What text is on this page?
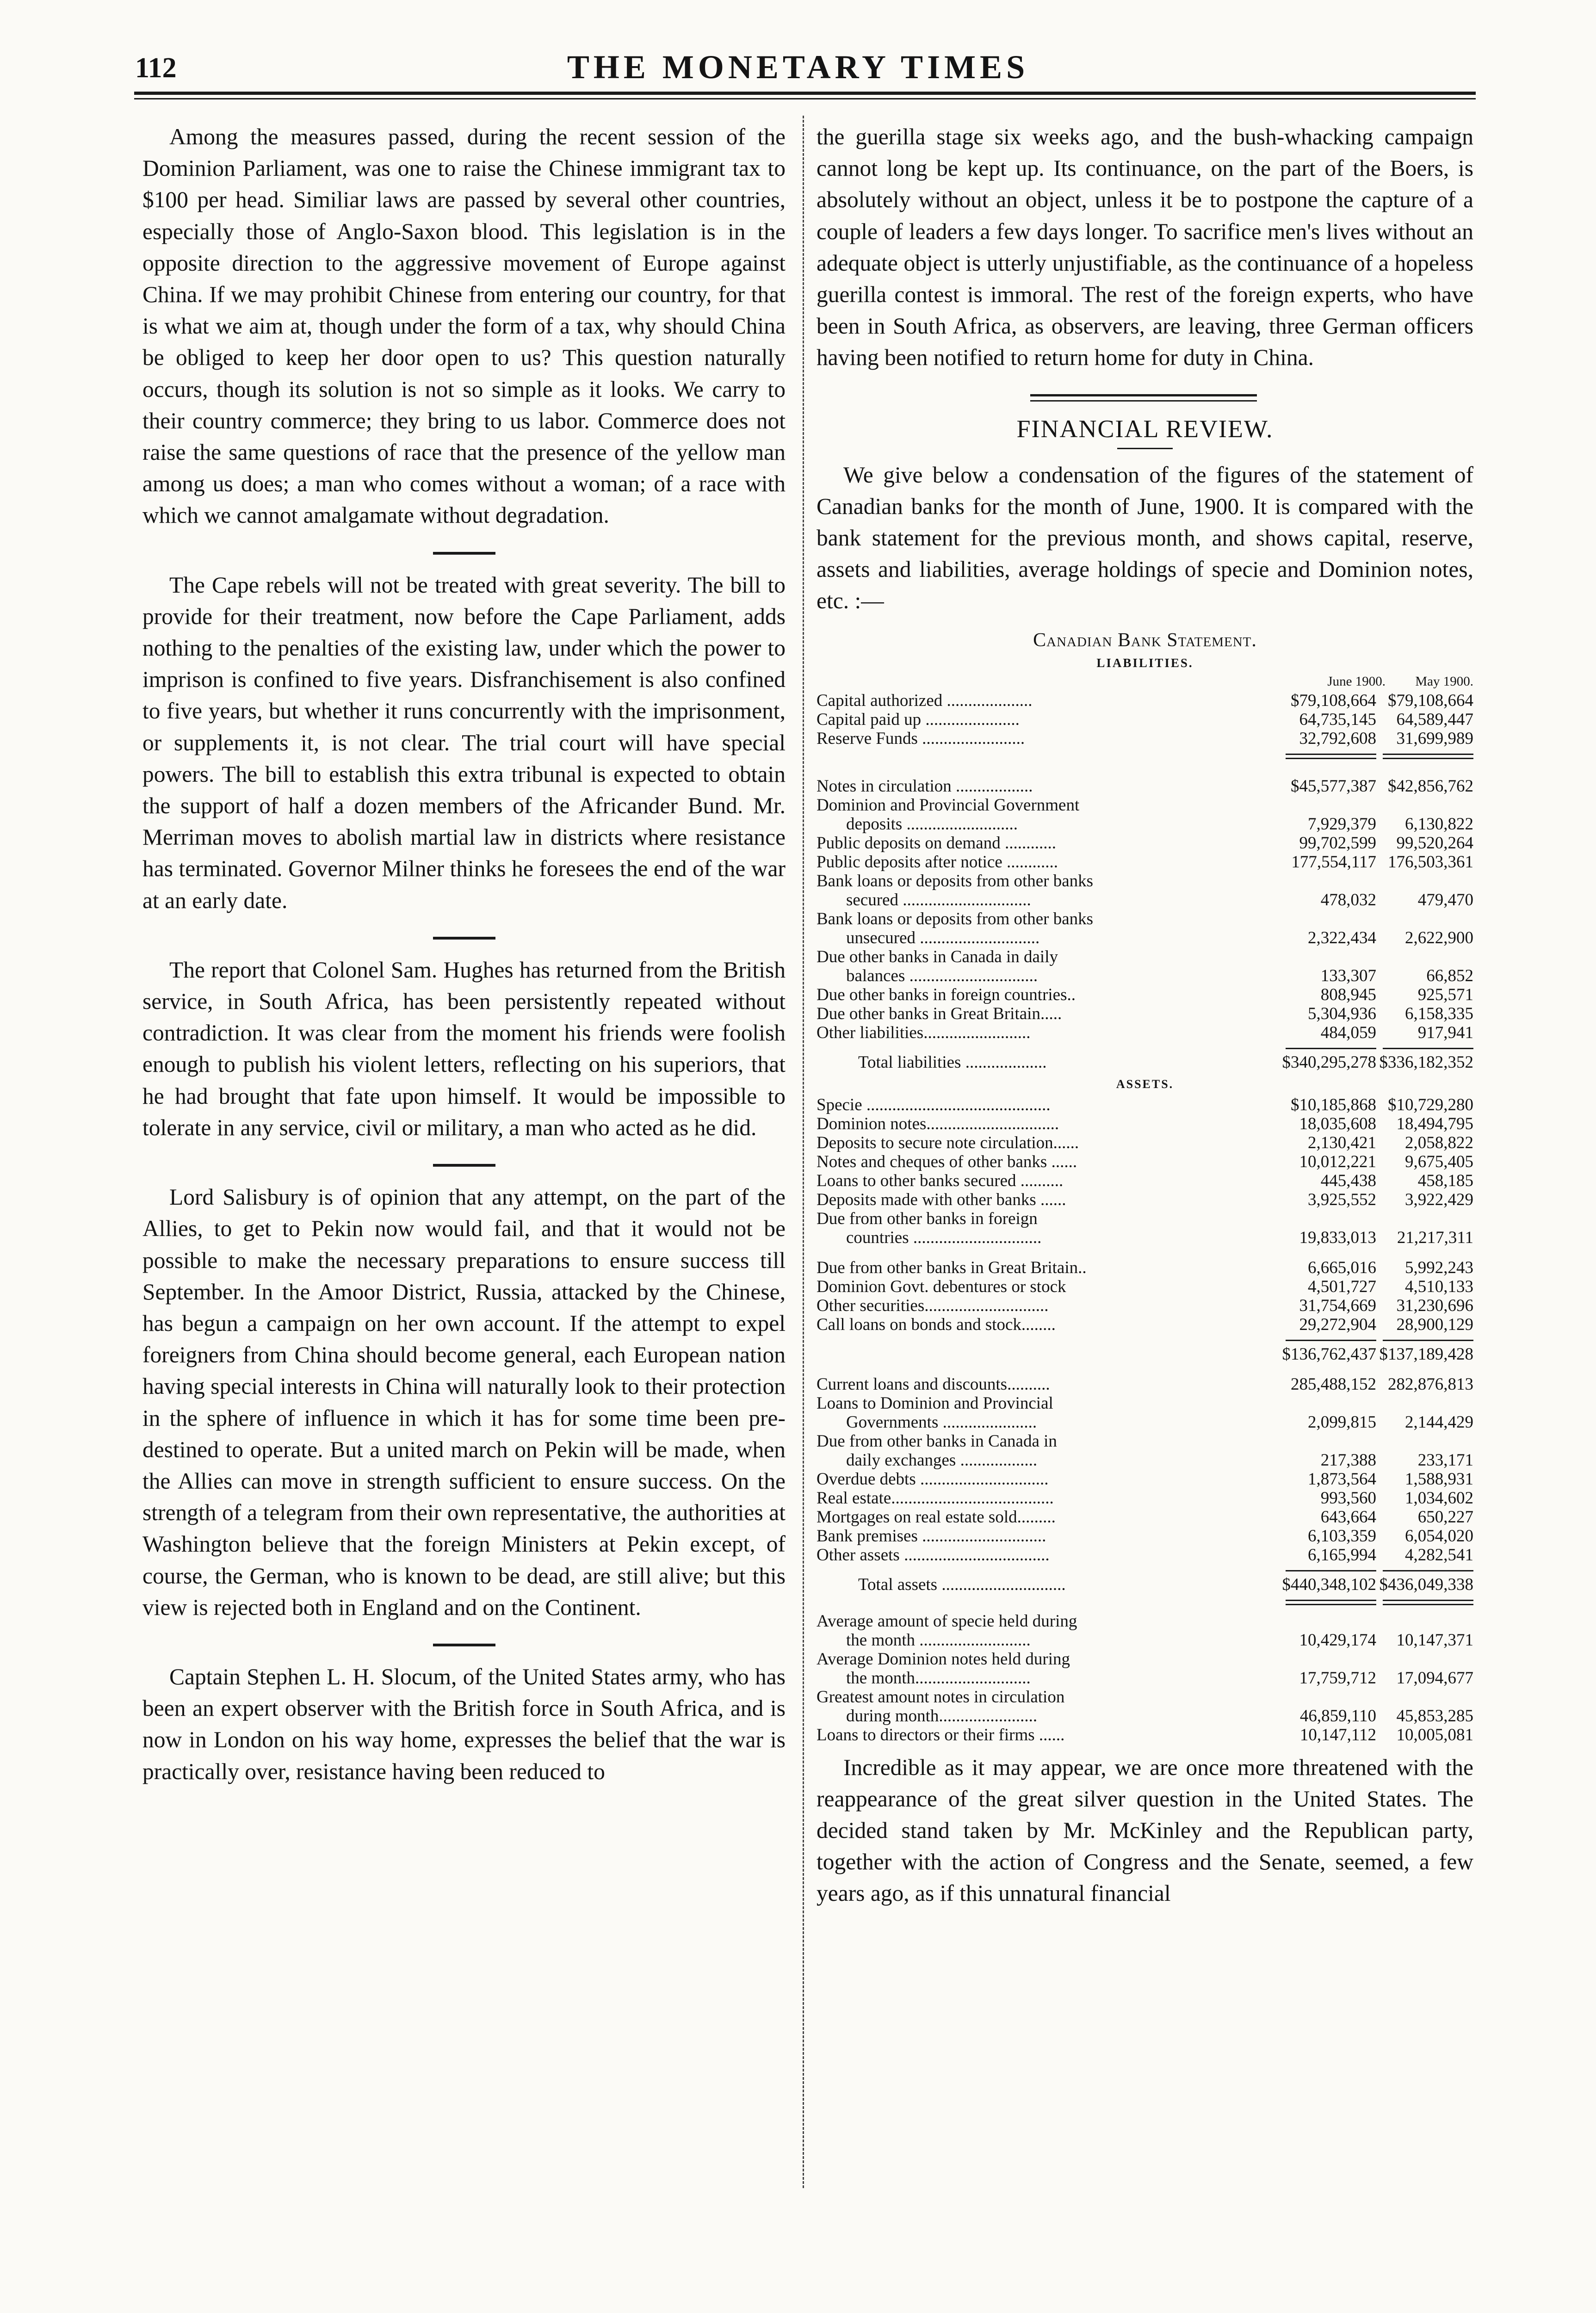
112	THE MONETARY TIMES

Among the measures passed, during the recent session of the Dominion Parliament, was one to raise the Chinese immigrant tax to $100 per head. Similiar laws are passed by several other countries, especially those of Anglo-Saxon blood. This legislation is in the opposite direction to the aggressive movement of Europe against China. If we may prohibit Chinese from entering our country, for that is what we aim at, though under the form of a tax, why should China be obliged to keep her door open to us? This question naturally occurs, though its solution is not so simple as it looks. We carry to their country commerce; they bring to us labor. Commerce does not raise the same questions of race that the presence of the yellow man among us does; a man who comes without a woman; of a race with which we cannot amalgamate without degradation.

The Cape rebels will not be treated with great severity. The bill to provide for their treatment, now before the Cape Parliament, adds nothing to the penalties of the existing law, under which the power to imprison is confined to five years. Disfranchisement is also confined to five years, but whether it runs concurrently with the imprisonment, or supplements it, is not clear. The trial court will have special powers. The bill to establish this extra tribunal is expected to obtain the support of half a dozen members of the Africander Bund. Mr. Merriman moves to abolish martial law in districts where resistance has terminated. Governor Milner thinks he foresees the end of the war at an early date.

The report that Colonel Sam. Hughes has returned from the British service, in South Africa, has been persistently repeated without contradiction. It was clear from the moment his friends were foolish enough to publish his violent letters, reflecting on his superiors, that he had brought that fate upon himself. It would be impossible to tolerate in any service, civil or military, a man who acted as he did.

Lord Salisbury is of opinion that any attempt, on the part of the Allies, to get to Pekin now would fail, and that it would not be possible to make the necessary preparations to ensure success till September. In the Amoor District, Russia, attacked by the Chinese, has begun a campaign on her own account. If the attempt to expel foreigners from China should become general, each European nation having special interests in China will naturally look to their protection in the sphere of influence in which it has for some time been pre-destined to operate. But a united march on Pekin will be made, when the Allies can move in strength sufficient to ensure success. On the strength of a telegram from their own representative, the authorities at Washington believe that the foreign Ministers at Pekin except, of course, the German, who is known to be dead, are still alive; but this view is rejected both in England and on the Continent.

Captain Stephen L. H. Slocum, of the United States army, who has been an expert observer with the British force in South Africa, and is now in London on his way home, expresses the belief that the war is practically over, resistance having been reduced to

the guerilla stage six weeks ago, and the bush-whacking campaign cannot long be kept up. Its continuance, on the part of the Boers, is absolutely without an object, unless it be to postpone the capture of a couple of leaders a few days longer. To sacrifice men's lives without an adequate object is utterly unjustifiable, as the continuance of a hopeless guerilla contest is immoral. The rest of the foreign experts, who have been in South Africa, as observers, are leaving, three German officers having been notified to return home for duty in China.

FINANCIAL REVIEW.

We give below a condensation of the figures of the statement of Canadian banks for the month of June, 1900. It is compared with the bank statement for the previous month, and shows capital, reserve, assets and liabilities, average holdings of specie and Dominion notes, etc. :—

Canadian Bank Statement.
LIABILITIES.
June 1900.	May 1900.
Capital authorized ....................	$79,108,664 $79,108,664
Capital paid up ......................	64,735,145	64,589,447
Reserve Funds ........................	32,792,608	31,699,989
Notes in circulation ..................	$45,577,387 $42,856,762
Dominion and Provincial Government
deposits ..........................	7,929,379	6,130,822
Public deposits on demand ............	99,702,599	99,520,264
Public deposits after notice ............	177,554,117 176,503,361
Bank loans or deposits from other banks
secured ..............................	478,032	479,470
Bank loans or deposits from other banks
unsecured ............................	2,322,434	2,622,900
Due other banks in Canada in daily
balances ..............................	133,307	66,852
Due other banks in foreign countries..	808,945	925,571
Due other banks in Great Britain.....	5,304,936	6,158,335
Other liabilities.........................	484,059	917,941
Total liabilities ...................	$340,295,278 $336,182,352
ASSETS.
Specie ...........................................	$10,185,868 $10,729,280
Dominion notes...............................	18,035,608	18,494,795
Deposits to secure note circulation......	2,130,421	2,058,822
Notes and cheques of other banks ......	10,012,221	9,675,405
Loans to other banks secured ..........	445,438	458,185
Deposits made with other banks ......	3,925,552	3,922,429
Due from other banks in foreign
countries ..............................	19,833,013	21,217,311
Due from other banks in Great Britain..	6,665,016	5,992,243
Dominion Govt. debentures or stock	4,501,727	4,510,133
Other securities.............................	31,754,669	31,230,696
Call loans on bonds and stock........	29,272,904	28,900,129
$136,762,437 $137,189,428
Current loans and discounts..........	285,488,152 282,876,813
Loans to Dominion and Provincial
Governments ......................	2,099,815	2,144,429
Due from other banks in Canada in
daily exchanges ..................	217,388	233,171
Overdue debts ..............................	1,873,564	1,588,931
Real estate......................................	993,560	1,034,602
Mortgages on real estate sold.........	643,664	650,227
Bank premises .............................	6,103,359	6,054,020
Other assets ..................................	6,165,994	4,282,541
Total assets .............................	$440,348,102 $436,049,338
Average amount of specie held during
the month ..........................	10,429,174	10,147,371
Average Dominion notes held during
the month...........................	17,759,712	17,094,677
Greatest amount notes in circulation
during month.......................	46,859,110	45,853,285
Loans to directors or their firms ......	10,147,112	10,005,081

Incredible as it may appear, we are once more threatened with the reappearance of the great silver question in the United States. The decided stand taken by Mr. McKinley and the Republican party, together with the action of Congress and the Senate, seemed, a few years ago, as if this unnatural financial
